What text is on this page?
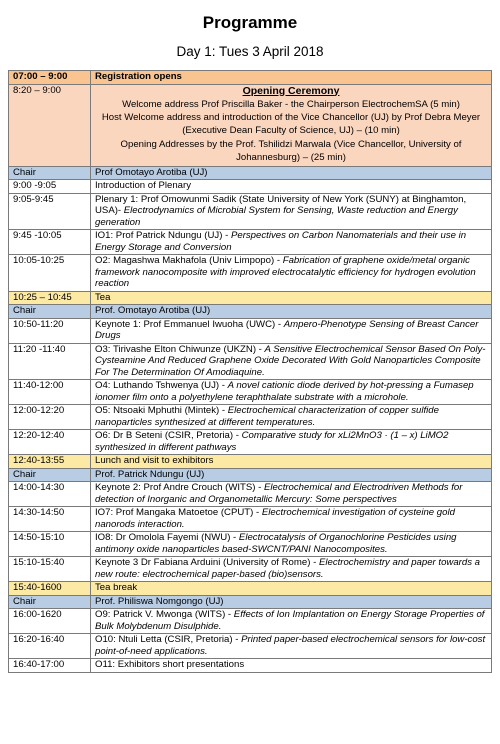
Programme
Day 1: Tues 3 April 2018
07:00 – 9:00	Registration opens
8:20 – 9:00	Opening Ceremony
Welcome address Prof Priscilla Baker - the Chairperson ElectrochemSA (5 min)
Host Welcome address and introduction of the Vice Chancellor (UJ) by Prof Debra Meyer (Executive Dean Faculty of Science, UJ) – (10 min)
Opening Addresses by the Prof. Tshilidzi Marwala (Vice Chancellor, University of Johannesburg) – (25 min)

Chair	Prof Omotayo Arotiba (UJ)
9:00 -9:05	Introduction of Plenary
9:05-9:45	Plenary 1: Prof Omowunmi Sadik (State University of New York (SUNY) at Binghamton, USA)- Electrodynamics of Microbial System for Sensing, Waste reduction and Energy generation
9:45 -10:05	IO1: Prof Patrick Ndungu (UJ) - Perspectives on Carbon Nanomaterials and their use in Energy Storage and Conversion
10:05-10:25	O2: Magashwa Makhafola (Univ Limpopo) - Fabrication of graphene oxide/metal organic framework nanocomposite with improved electrocatalytic efficiency for hydrogen evolution reaction
10:25 – 10:45	Tea
Chair	Prof. Omotayo Arotiba (UJ)
10:50-11:20	Keynote 1: Prof Emmanuel Iwuoha (UWC) - Ampero-Phenotype Sensing of Breast Cancer Drugs
11:20 -11:40	O3: Tirivashe Elton Chiwunze (UKZN) - A Sensitive Electrochemical Sensor Based On Poly-Cysteamine And Reduced Graphene Oxide Decorated With Gold Nanoparticles Composite For The Determination Of Amodiaquine.
11:40-12:00	O4: Luthando Tshwenya (UJ) - A novel cationic diode derived by hot-pressing a Fumasep ionomer film onto a polyethylene teraphthalate substrate with a microhole.
12:00-12:20	O5: Ntsoaki Mphuthi (Mintek) - Electrochemical characterization of copper sulfide nanoparticles synthesized at different temperatures.
12:20-12:40	O6: Dr B Seteni (CSIR, Pretoria) - Comparative study for xLi2MnO3 · (1 – x) LiMO2 synthesized in different pathways
12:40-13:55	Lunch and visit to exhibitors
Chair	Prof. Patrick Ndungu (UJ)
14:00-14:30	Keynote 2: Prof Andre Crouch (WITS) - Electrochemical and Electrodriven Methods for detection of Inorganic and Organometallic Mercury: Some perspectives
14:30-14:50	IO7: Prof Mangaka Matoetoe (CPUT) - Electrochemical investigation of cysteine gold nanorods interaction.
14:50-15:10	IO8: Dr Omolola Fayemi (NWU) - Electrocatalysis of Organochlorine Pesticides using antimony oxide nanoparticles based-SWCNT/PANI Nanocomposites.
15:10-15:40	Keynote 3 Dr Fabiana Arduini (University of Rome) - Electrochemistry and paper towards a new route: electrochemical paper-based (bio)sensors.
15:40-1600	Tea break
Chair	Prof. Philiswa Nomgongo (UJ)
16:00-1620	O9: Patrick V. Mwonga (WITS) - Effects of Ion Implantation on Energy Storage Properties of Bulk Molybdenum Disulphide.
16:20-16:40	O10: Ntuli Letta (CSIR, Pretoria) - Printed paper-based electrochemical sensors for low-cost point-of-need applications.
16:40-17:00	O11: Exhibitors short presentations
